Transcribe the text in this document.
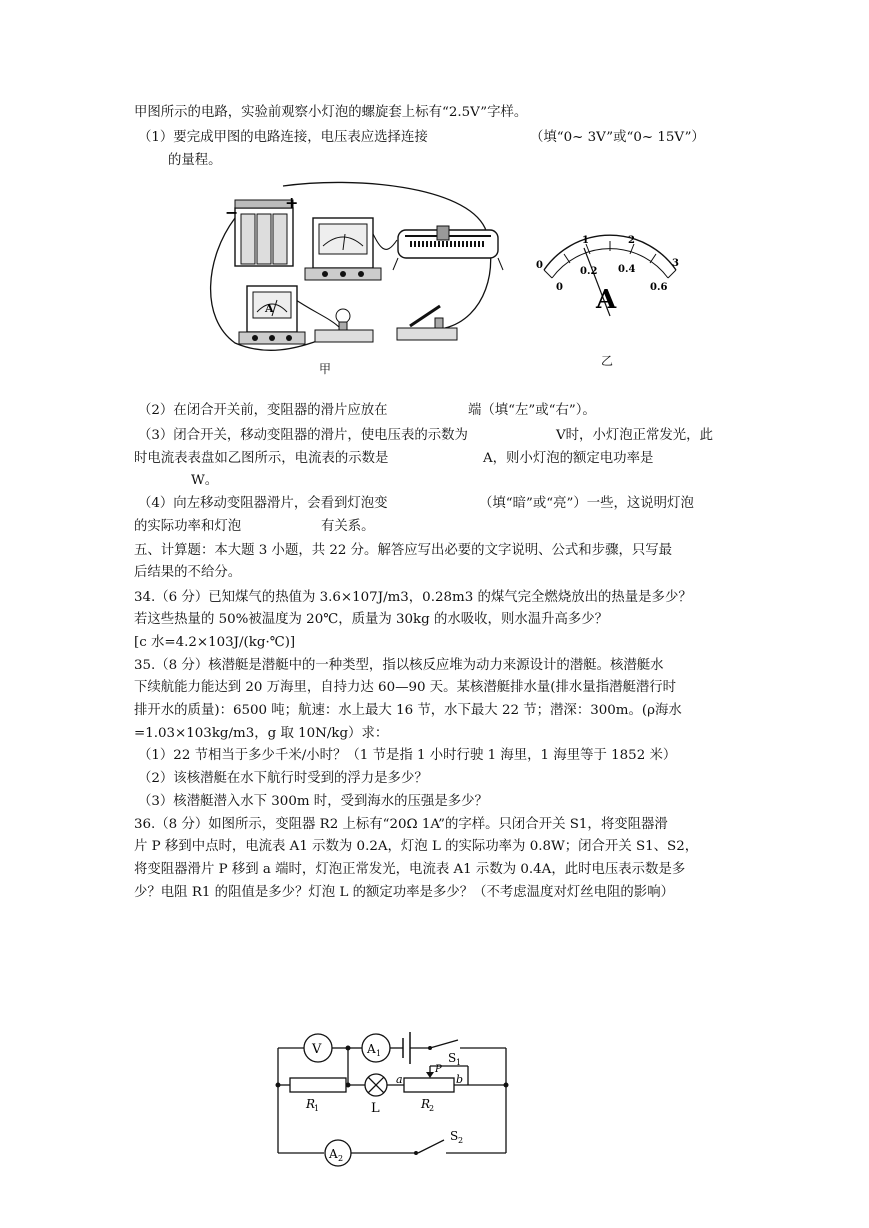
甲图所示的电路，实验前观察小灯泡的螺旋套上标有“2.5V”字样。
（1）要完成甲图的电路连接，电压表应选择连接	（填“0~ 3V”或“0~ 15V”）
的量程。
−
+
A
甲
0
1	2
3
0
0.2 0.4
0.6
A
乙
（2）在闭合开关前，变阻器的滑片应放在	端（填“左”或“右”）。
（3）闭合开关，移动变阻器的滑片，使电压表的示数为	V时，小灯泡正常发光，此
时电流表表盘如乙图所示，电流表的示数是	A，则小灯泡的额定电功率是
W。
（4）向左移动变阻器滑片，会看到灯泡变	（填“暗”或“亮”）一些，这说明灯泡
的实际功率和灯泡	有关系。
五、计算题：本大题 3 小题，共 22 分。解答应写出必要的文字说明、公式和步骤，只写最
后结果的不给分。
34.（6 分）已知煤气的热值为 3.6×107J/m3，0.28m3 的煤气完全燃烧放出的热量是多少？
若这些热量的 50%被温度为 20℃，质量为 30kg 的水吸收，则水温升高多少？
[c 水=4.2×103J/(kg·℃)]
35.（8 分）核潜艇是潜艇中的一种类型，指以核反应堆为动力来源设计的潜艇。核潜艇水
下续航能力能达到 20 万海里，自持力达 60—90 天。某核潜艇排水量(排水量指潜艇潜行时
排开水的质量)：6500 吨；航速：水上最大 16 节，水下最大 22 节；潜深：300m。(ρ海水
=1.03×103kg/m3，g 取 10N/kg）求：
（1）22 节相当于多少千米/小时？（1 节是指 1 小时行驶 1 海里，1 海里等于 1852 米）
（2）该核潜艇在水下航行时受到的浮力是多少？
（3）核潜艇潜入水下 300m 时，受到海水的压强是多少？
36.（8 分）如图所示，变阻器 R2 上标有“20Ω 1A”的字样。只闭合开关 S1，将变阻器滑
片 P 移到中点时，电流表 A1 示数为 0.2A，灯泡 L 的实际功率为 0.8W；闭合开关 S1、S2，
将变阻器滑片 P 移到 a 端时，灯泡正常发光，电流表 A1 示数为 0.4A，此时电压表示数是多
少？电阻 R1 的阻值是多少？灯泡 L 的额定功率是多少？（不考虑温度对灯丝电阻的影响）
V	A 1	S 1
R
1	L	R
2
P
a	b
A 2
S 2
